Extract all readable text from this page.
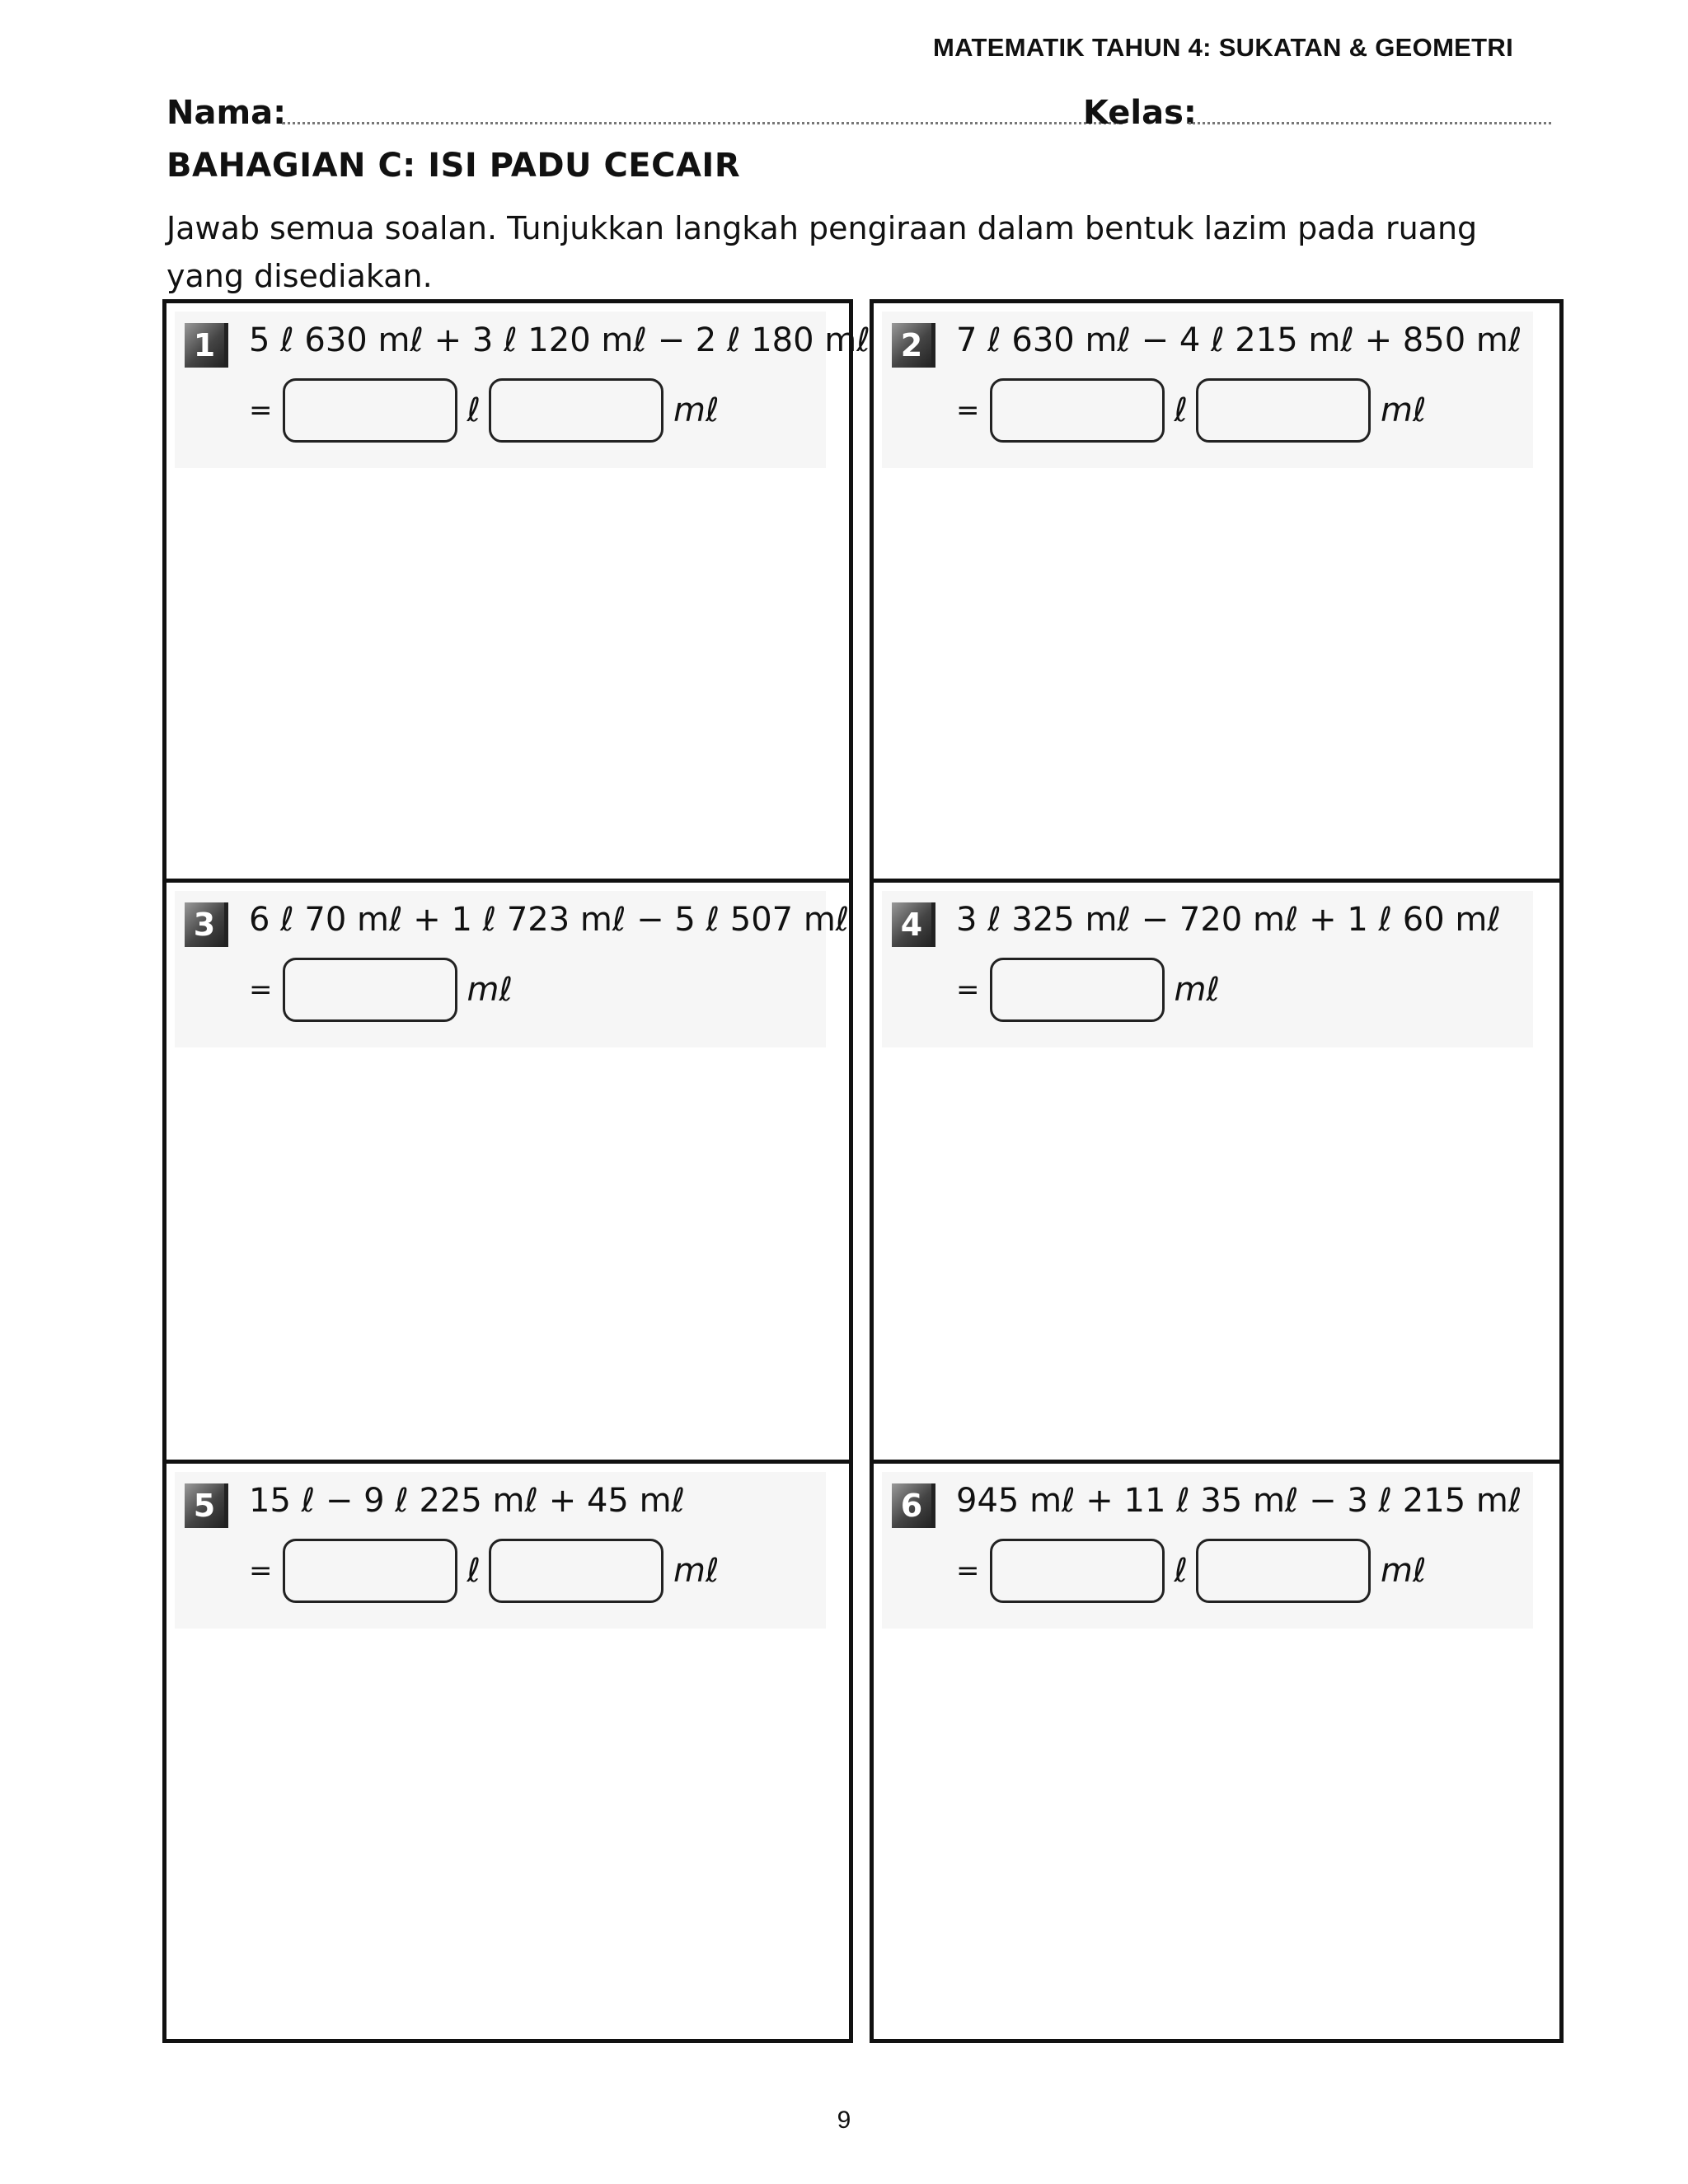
MATEMATIK TAHUN 4: SUKATAN & GEOMETRI
Nama:	Kelas:
BAHAGIAN C: ISI PADU CECAIR
Jawab semua soalan. Tunjukkan langkah pengiraan dalam bentuk lazim pada ruang yang disediakan.
1	5 ℓ 630 mℓ + 3 ℓ 120 mℓ − 2 ℓ 180 mℓ
=	ℓ	mℓ
2	7 ℓ 630 mℓ − 4 ℓ 215 mℓ + 850 mℓ
=	ℓ	mℓ
3	6 ℓ 70 mℓ + 1 ℓ 723 mℓ − 5 ℓ 507 mℓ
=	mℓ
4	3 ℓ 325 mℓ − 720 mℓ + 1 ℓ 60 mℓ
=	mℓ
5	15 ℓ − 9 ℓ 225 mℓ + 45 mℓ
=	ℓ	mℓ
6	945 mℓ + 11 ℓ 35 mℓ − 3 ℓ 215 mℓ
=	ℓ	mℓ
9
